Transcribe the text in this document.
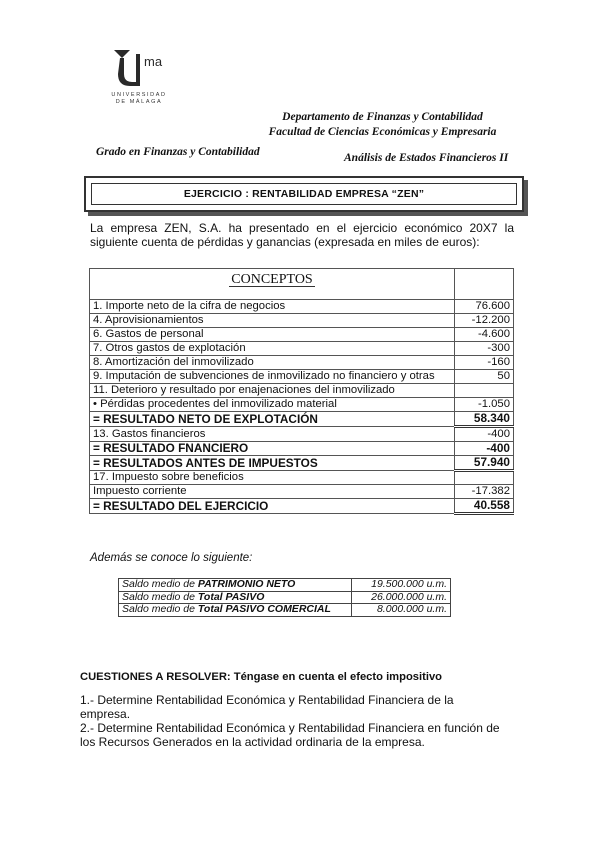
ma
UNIVERSIDAD
DE MÁLAGA
Departamento de Finanzas y Contabilidad
Facultad de Ciencias Económicas y Empresaria
Grado en Finanzas y Contabilidad	Análisis de Estados Financieros II
EJERCICIO : RENTABILIDAD EMPRESA “ZEN”
La empresa ZEN, S.A. ha presentado en el ejercicio económico 20X7 la siguiente cuenta de pérdidas y ganancias (expresada en miles de euros):
CONCEPTOS	
1. Importe neto de la cifra de negocios	76.600
4. Aprovisionamientos	-12.200
6. Gastos de personal	-4.600
7. Otros gastos de explotación	-300
8. Amortización del inmovilizado	-160
9. Imputación de subvenciones de inmovilizado no financiero y otras	50
11. Deterioro y resultado por enajenaciones del inmovilizado	
• Pérdidas procedentes del inmovilizado material	-1.050
= RESULTADO NETO DE EXPLOTACIÓN	58.340
13. Gastos financieros	-400
= RESULTADO FNANCIERO	-400
= RESULTADOS ANTES DE IMPUESTOS	57.940
17. Impuesto sobre beneficios	
Impuesto corriente	-17.382
= RESULTADO DEL EJERCICIO	40.558
Además se conoce lo siguiente:
Saldo medio de PATRIMONIO NETO	19.500.000 u.m.
Saldo medio de Total PASIVO	26.000.000 u.m.
Saldo medio de Total PASIVO COMERCIAL	8.000.000 u.m.
CUESTIONES A RESOLVER: Téngase en cuenta el efecto impositivo
1.- Determine Rentabilidad Económica y Rentabilidad Financiera de la empresa.
2.- Determine Rentabilidad Económica y Rentabilidad Financiera en función de los Recursos Generados en la actividad ordinaria de la empresa.
